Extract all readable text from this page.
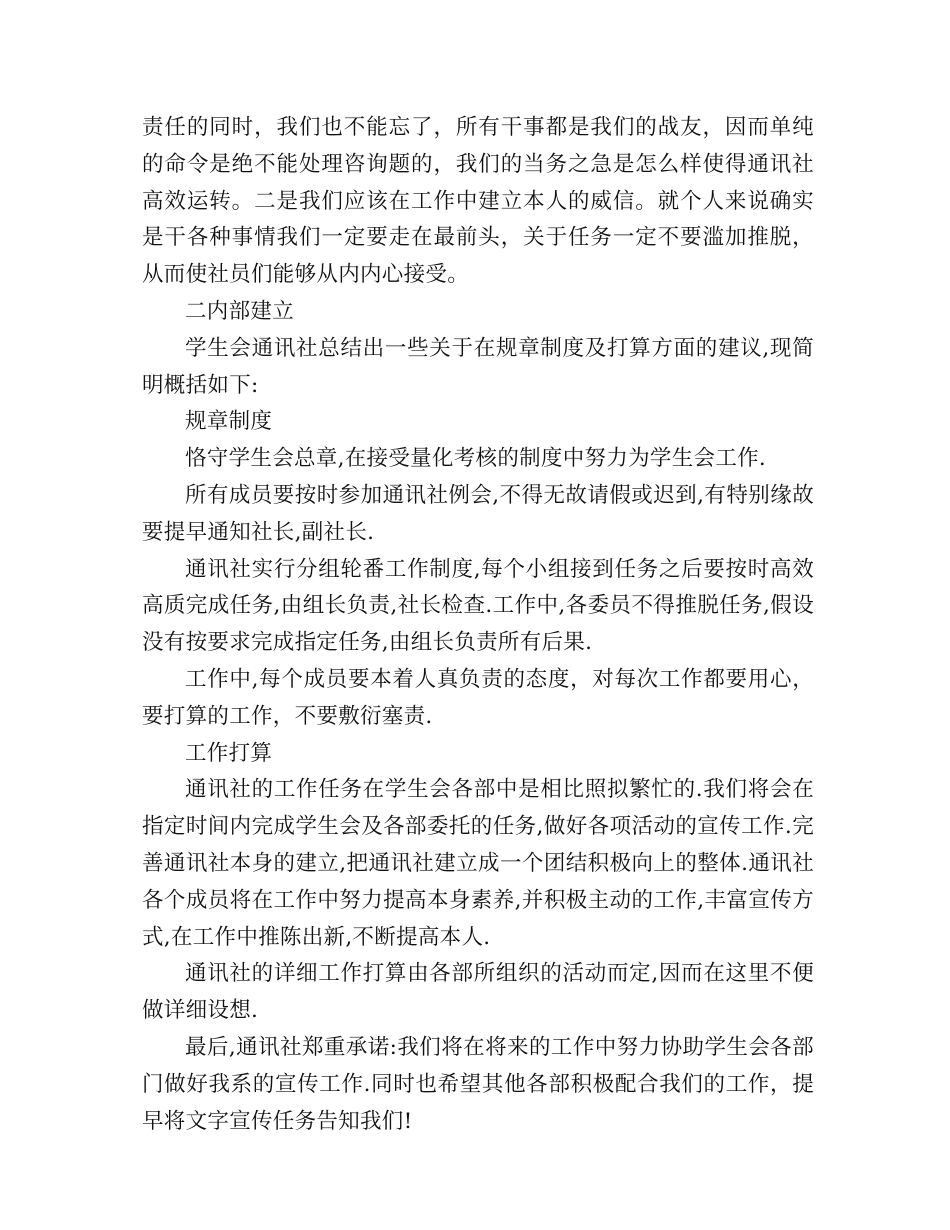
责任的同时，我们也不能忘了，所有干事都是我们的战友，因而单纯的命令是绝不能处理咨询题的，我们的当务之急是怎么样使得通讯社高效运转。二是我们应该在工作中建立本人的威信。就个人来说确实是干各种事情我们一定要走在最前头，关于任务一定不要滥加推脱，从而使社员们能够从内内心接受。

二内部建立

学生会通讯社总结出一些关于在规章制度及打算方面的建议,现简明概括如下:

规章制度

恪守学生会总章,在接受量化考核的制度中努力为学生会工作.

所有成员要按时参加通讯社例会,不得无故请假或迟到,有特别缘故要提早通知社长,副社长.

通讯社实行分组轮番工作制度,每个小组接到任务之后要按时高效高质完成任务,由组长负责,社长检查.工作中,各委员不得推脱任务,假设没有按要求完成指定任务,由组长负责所有后果.

工作中,每个成员要本着人真负责的态度，对每次工作都要用心，要打算的工作，不要敷衍塞责.

工作打算

通讯社的工作任务在学生会各部中是相比照拟繁忙的.我们将会在指定时间内完成学生会及各部委托的任务,做好各项活动的宣传工作.完善通讯社本身的建立,把通讯社建立成一个团结积极向上的整体.通讯社各个成员将在工作中努力提高本身素养,并积极主动的工作,丰富宣传方式,在工作中推陈出新,不断提高本人.

通讯社的详细工作打算由各部所组织的活动而定,因而在这里不便做详细设想.

最后,通讯社郑重承诺:我们将在将来的工作中努力协助学生会各部门做好我系的宣传工作.同时也希望其他各部积极配合我们的工作，提早将文字宣传任务告知我们!
